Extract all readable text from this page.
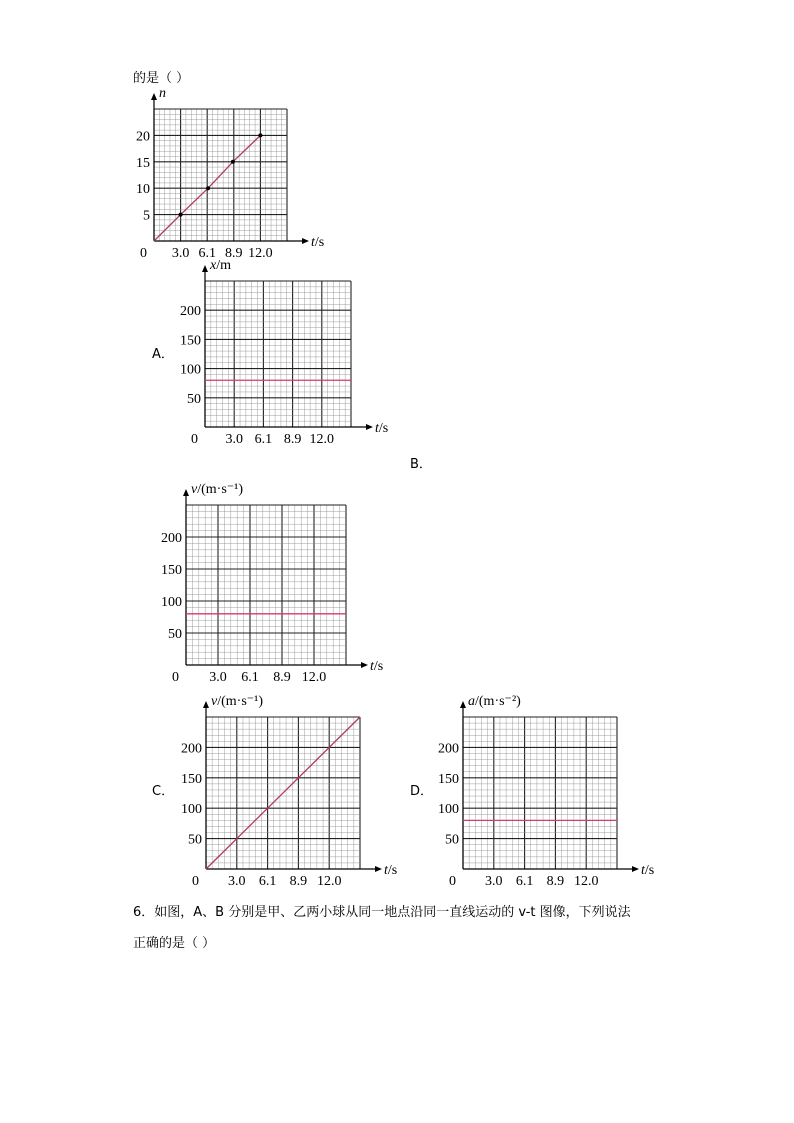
的是（ ）
3.0 6.1 8.9 12.0
5
10
15
20
0
t/s
n
3.0 6.1 8.9 12.0
50
100
150
200
0
t/s
x/m
3.0 6.1 8.9 12.0
50
100
150
200
0
t/s
v/(m·s⁻¹)
3.0 6.1 8.9 12.0
50
100
150
200
0
t/s
v/(m·s⁻¹)
3.0 6.1 8.9 12.0
50
100
150
200
0
t/s
a/(m·s⁻²)
A．
B．
C．	D．
6．如图，A、B 分别是甲、乙两小球从同一地点沿同一直线运动的 v-t 图像，下列说法
正确的是（ ）
